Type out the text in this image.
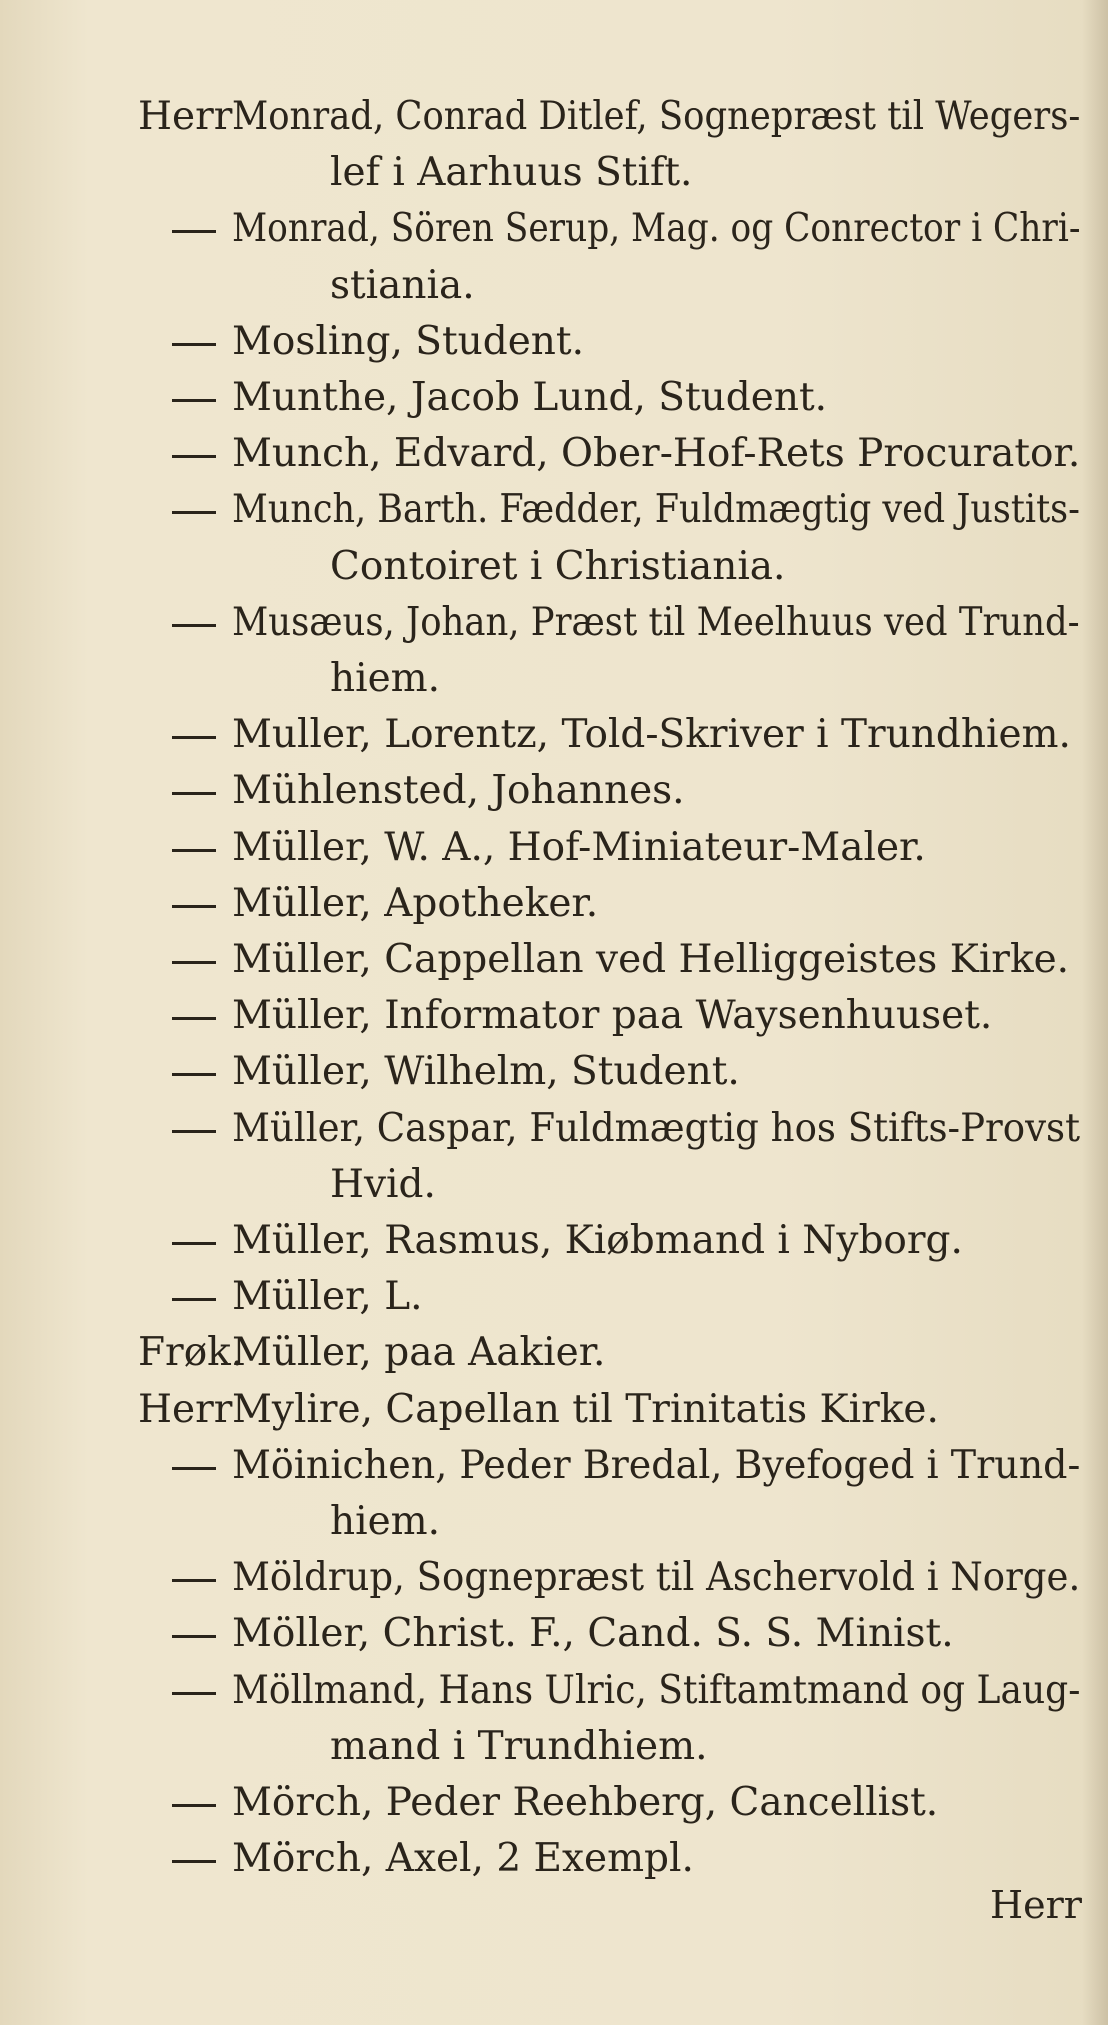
Herr Monrad, Conrad Ditlef, Sognepræst til Wegers-
lef i Aarhuus Stift.
Monrad, Sören Serup, Mag. og Conrector i Chri-
stiania.
Mosling, Student.
Munthe, Jacob Lund, Student.
Munch, Edvard, Ober-Hof-Rets Procurator.
Munch, Barth. Fædder, Fuldmægtig ved Justits-
Contoiret i Christiania.
Musæus, Johan, Præst til Meelhuus ved Trund-
hiem.
Muller, Lorentz, Told-Skriver i Trundhiem.
Mühlensted, Johannes.
Müller, W. A., Hof-Miniateur-Maler.
Müller, Apotheker.
Müller, Cappellan ved Helliggeistes Kirke.
Müller, Informator paa Waysenhuuset.
Müller, Wilhelm, Student.
Müller, Caspar, Fuldmægtig hos Stifts-Provst
Hvid.
Müller, Rasmus, Kiøbmand i Nyborg.
Müller, L.
Frøk.
Müller, paa Aakier.
Herr Mylire, Capellan til Trinitatis Kirke.
Möinichen, Peder Bredal, Byefoged i Trund-
hiem.
Möldrup, Sognepræst til Aschervold i Norge.
Möller, Christ. F., Cand. S. S. Minist.
Möllmand, Hans Ulric, Stiftamtmand og Laug-
mand i Trundhiem.
Mörch, Peder Reehberg, Cancellist.
Mörch, Axel, 2 Exempl.
Herr
